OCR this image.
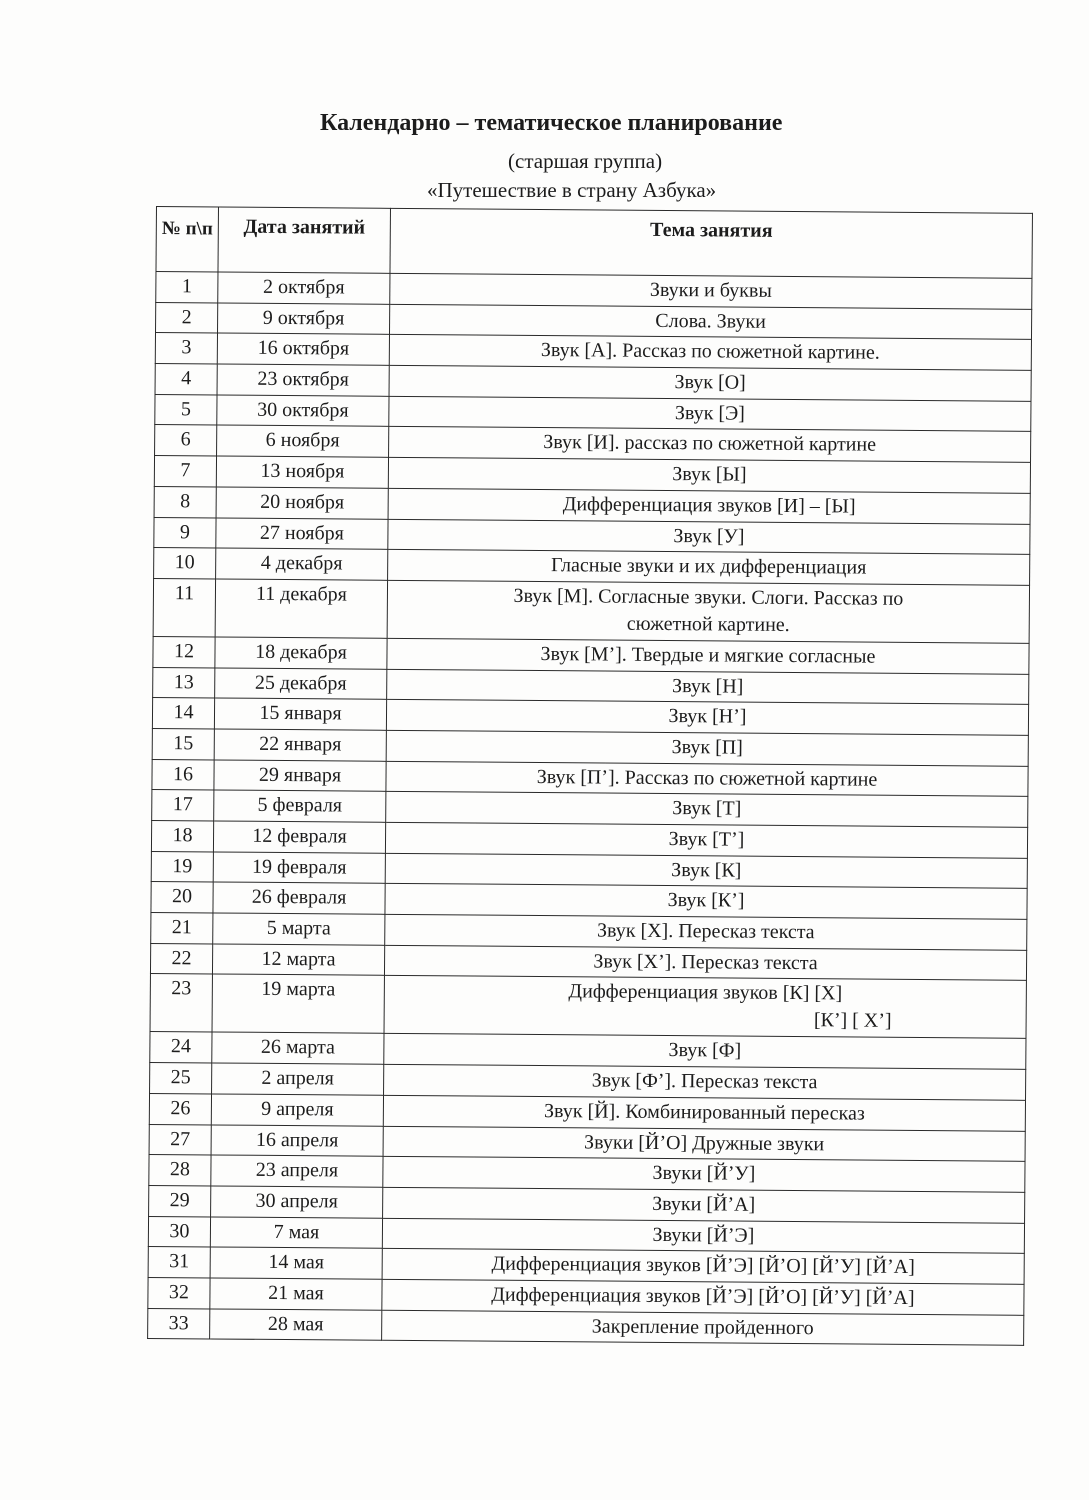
Календарно – тематическое планирование
(старшая группа)
«Путешествие в страну Азбука»
№ п\п	Дата занятий	Тема занятия
1	2 октября	Звуки и буквы
2	9 октября	Слова. Звуки
3	16 октября	Звук [А]. Рассказ по сюжетной картине.
4	23 октября	Звук [О]
5	30 октября	Звук [Э]
6	6 ноября	Звук [И]. рассказ по сюжетной картине
7	13 ноября	Звук [Ы]
8	20 ноября	Дифференциация звуков [И] – [Ы]
9	27 ноября	Звук [У]
10	4 декабря	Гласные звуки и их дифференциация
11	11 декабря	Звук [М]. Согласные звуки. Слоги. Рассказ по
сюжетной картине.

12	18 декабря	Звук [М’]. Твердые и мягкие согласные
13	25 декабря	Звук [Н]
14	15 января	Звук [Н’]
15	22 января	Звук [П]
16	29 января	Звук [П’]. Рассказ по сюжетной картине
17	5 февраля	Звук [Т]
18	12 февраля	Звук [Т’]
19	19 февраля	Звук [К]
20	26 февраля	Звук [К’]
21	5 марта	Звук [Х]. Пересказ текста
22	12 марта	Звук [Х’]. Пересказ текста
23	19 марта	Дифференциация звуков [К] [Х]
[К’] [ Х’]

24	26 марта	Звук [Ф]
25	2 апреля	Звук [Ф’]. Пересказ текста
26	9 апреля	Звук [Й]. Комбинированный пересказ
27	16 апреля	Звуки [Й’О] Дружные звуки
28	23 апреля	Звуки [Й’У]
29	30 апреля	Звуки [Й’А]
30	7 мая	Звуки [Й’Э]
31	14 мая	Дифференциация звуков [Й’Э] [Й’О] [Й’У] [Й’А]
32	21 мая	Дифференциация звуков [Й’Э] [Й’О] [Й’У] [Й’А]
33	28 мая	Закрепление пройденного
